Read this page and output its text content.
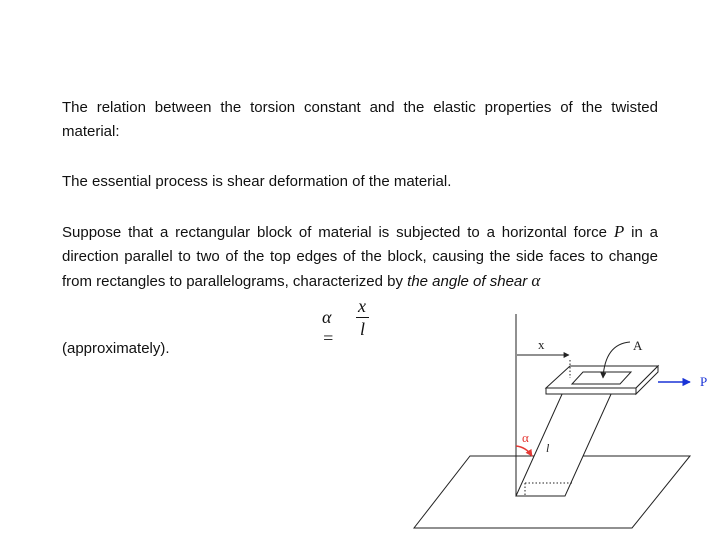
The relation between the torsion constant and the elastic properties of the twisted material:

The essential process is shear deformation of the material.

Suppose that a rectangular block of material is subjected to a horizontal force P in a direction parallel to two of the top edges of the block, causing the side faces to change from rectangles to parallelograms, characterized by the angle of shear α

α =
x
l

(approximately).	x	A
P
α
l
